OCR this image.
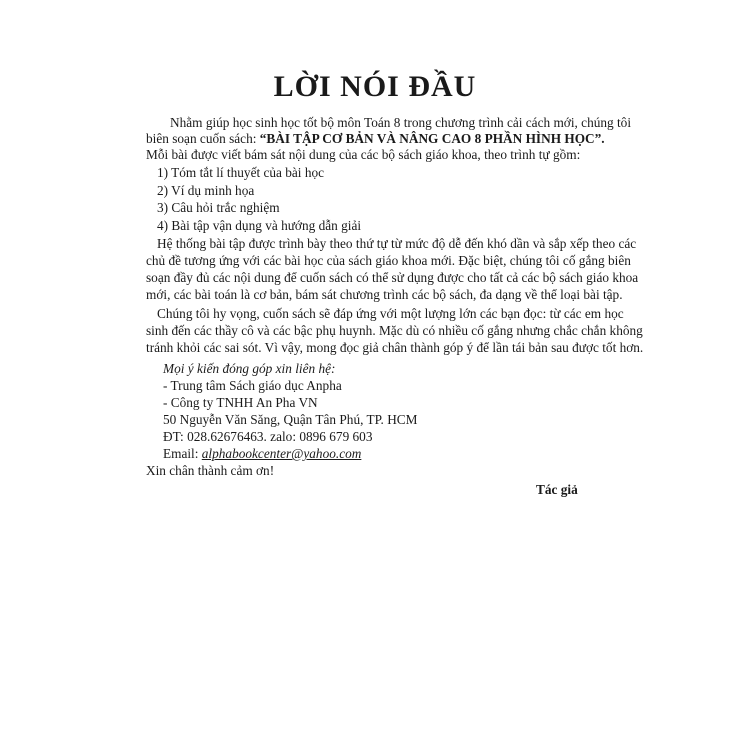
LỜI NÓI ĐẦU
Nhằm giúp học sinh học tốt bộ môn Toán 8 trong chương trình cải cách mới, chúng tôi
biên soạn cuốn sách: “BÀI TẬP CƠ BẢN VÀ NÂNG CAO 8 PHẦN HÌNH HỌC”.
Mỗi bài được viết bám sát nội dung của các bộ sách giáo khoa, theo trình tự gồm:
1) Tóm tắt lí thuyết của bài học
2) Ví dụ minh họa
3) Câu hỏi trắc nghiệm
4) Bài tập vận dụng và hướng dẫn giải
Hệ thống bài tập được trình bày theo thứ tự từ mức độ dễ đến khó dần và sắp xếp theo các
chủ đề tương ứng với các bài học của sách giáo khoa mới. Đặc biệt, chúng tôi cố gắng biên
soạn đầy đủ các nội dung để cuốn sách có thể sử dụng được cho tất cả các bộ sách giáo khoa
mới, các bài toán là cơ bản, bám sát chương trình các bộ sách, đa dạng về thể loại bài tập.
Chúng tôi hy vọng, cuốn sách sẽ đáp ứng với một lượng lớn các bạn đọc: từ các em học
sinh đến các thầy cô và các bậc phụ huynh. Mặc dù có nhiều cố gắng nhưng chắc chắn không
tránh khỏi các sai sót. Vì vậy, mong đọc giả chân thành góp ý để lần tái bản sau được tốt hơn.
Mọi ý kiến đóng góp xin liên hệ:
- Trung tâm Sách giáo dục Anpha
- Công ty TNHH An Pha VN
50 Nguyễn Văn Săng, Quận Tân Phú, TP. HCM
ĐT: 028.62676463. zalo: 0896 679 603
Email: alphabookcenter@yahoo.com
Xin chân thành cảm ơn!
Tác giả
